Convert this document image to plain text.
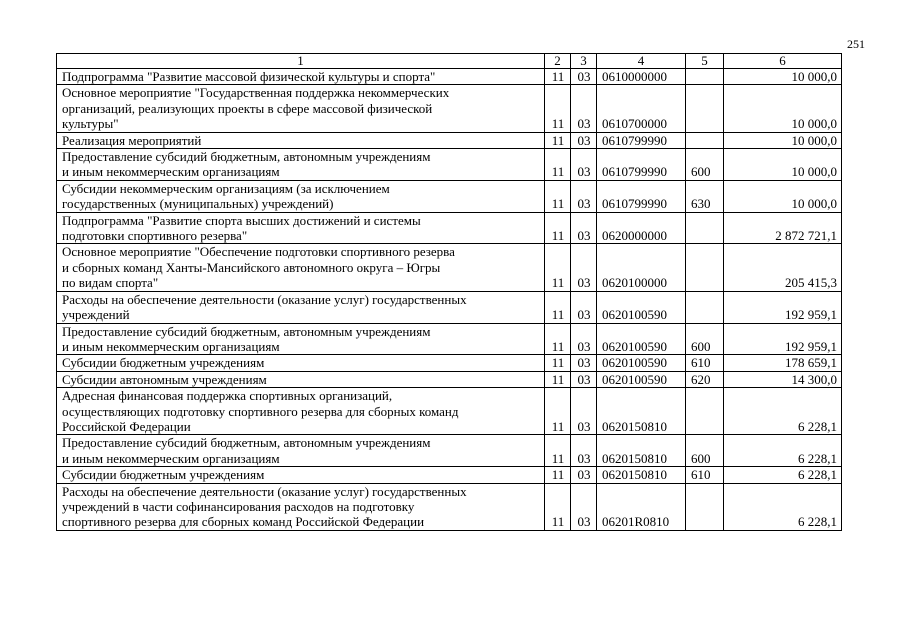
251
1	2	3	4	5	6

Подпрограмма "Развитие массовой физической культуры и спорта"	11	03	0610000000		10 000,0

Основное мероприятие "Государственная поддержка некоммерческих
организаций, реализующих проекты в сфере массовой физической
культуры"	11	03	0610700000		10 000,0

Реализация мероприятий	11	03	0610799990		10 000,0

Предоставление субсидий бюджетным, автономным учреждениям
и иным некоммерческим организациям	11	03	0610799990	600	10 000,0

Субсидии некоммерческим организациям (за исключением
государственных (муниципальных) учреждений)	11	03	0610799990	630	10 000,0

Подпрограмма "Развитие спорта высших достижений и системы
подготовки спортивного резерва"	11	03	0620000000		2 872 721,1

Основное мероприятие "Обеспечение подготовки спортивного резерва
и сборных команд Ханты-Мансийского автономного округа – Югры
по видам спорта"	11	03	0620100000		205 415,3

Расходы на обеспечение деятельности (оказание услуг) государственных
учреждений	11	03	0620100590		192 959,1

Предоставление субсидий бюджетным, автономным учреждениям
и иным некоммерческим организациям	11	03	0620100590	600	192 959,1

Субсидии бюджетным учреждениям	11	03	0620100590	610	178 659,1

Субсидии автономным учреждениям	11	03	0620100590	620	14 300,0

Адресная финансовая поддержка спортивных организаций,
осуществляющих подготовку спортивного резерва для сборных команд
Российской Федерации	11	03	0620150810		6 228,1

Предоставление субсидий бюджетным, автономным учреждениям
и иным некоммерческим организациям	11	03	0620150810	600	6 228,1

Субсидии бюджетным учреждениям	11	03	0620150810	610	6 228,1

Расходы на обеспечение деятельности (оказание услуг) государственных
учреждений в части софинансирования расходов на подготовку
спортивного резерва для сборных команд Российской Федерации	11	03	06201R0810		6 228,1
